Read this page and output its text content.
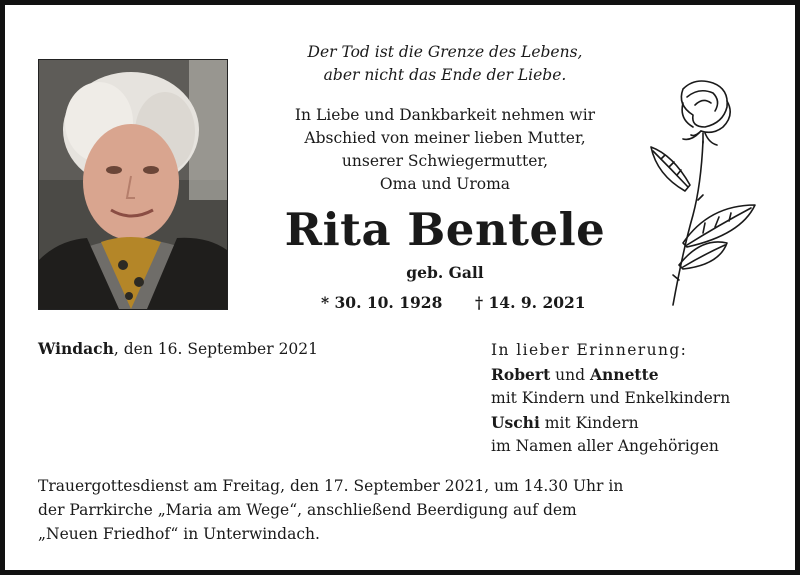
Der Tod ist die Grenze des Lebens,
aber nicht das Ende der Liebe.
In Liebe und Dankbarkeit nehmen wir
Abschied von meiner lieben Mutter,
unserer Schwiegermutter,
Oma und Uroma
Rita Bentele
geb. Gall
* 30. 10. 1928 † 14. 9. 2021
Windach, den 16. September 2021	In lieber Erinnerung:
Robert und Annette
mit Kindern und Enkelkindern
Uschi mit Kindern
im Namen aller Angehörigen
Trauergottesdienst am Freitag, den 17. September 2021, um 14.30 Uhr in
der Parrkirche „Maria am Wege“, anschließend Beerdigung auf dem
„Neuen Friedhof“ in Unterwindach.
